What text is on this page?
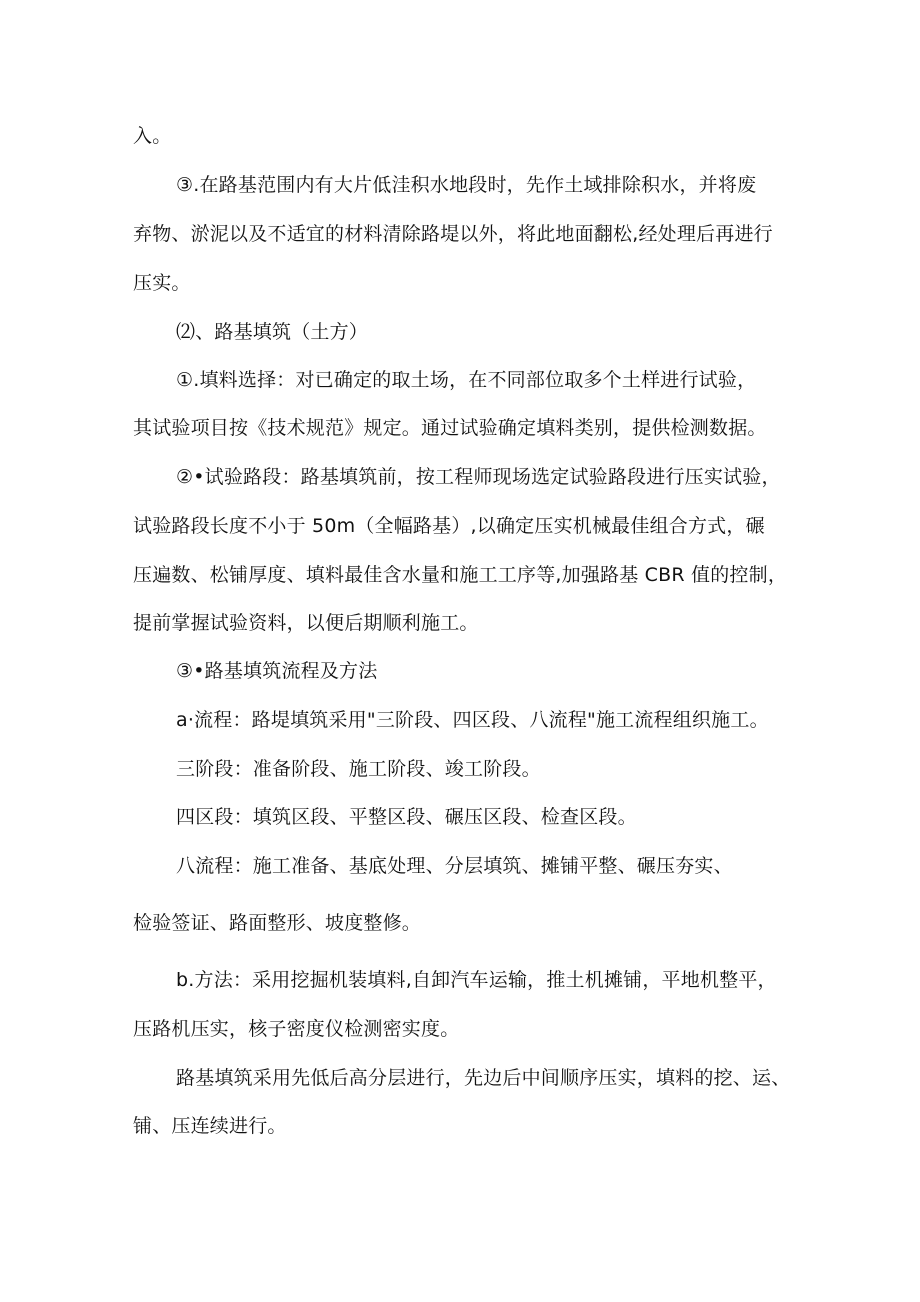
入。
③.在路基范围内有大片低洼积水地段时，先作土域排除积水，并将废
弃物、淤泥以及不适宜的材料清除路堤以外，将此地面翻松,经处理后再进行
压实。
⑵、路基填筑（土方）
①.填料选择：对已确定的取土场，在不同部位取多个土样进行试验，
其试验项目按《技术规范》规定。通过试验确定填料类别，提供检测数据。
②•试验路段：路基填筑前，按工程师现场选定试验路段进行压实试验，
试验路段长度不小于 50m（全幅路基）,以确定压实机械最佳组合方式，碾
压遍数、松铺厚度、填料最佳含水量和施工工序等,加强路基 CBR 值的控制，
提前掌握试验资料，以便后期顺利施工。
③•路基填筑流程及方法
a·流程：路堤填筑采用"三阶段、四区段、八流程"施工流程组织施工。
三阶段：准备阶段、施工阶段、竣工阶段。
四区段：填筑区段、平整区段、碾压区段、检查区段。
八流程：施工准备、基底处理、分层填筑、摊铺平整、碾压夯实、
检验签证、路面整形、坡度整修。
b.方法：采用挖掘机装填料,自卸汽车运输，推土机摊铺，平地机整平，
压路机压实，核子密度仪检测密实度。
路基填筑采用先低后高分层进行，先边后中间顺序压实，填料的挖、运、
铺、压连续进行。
